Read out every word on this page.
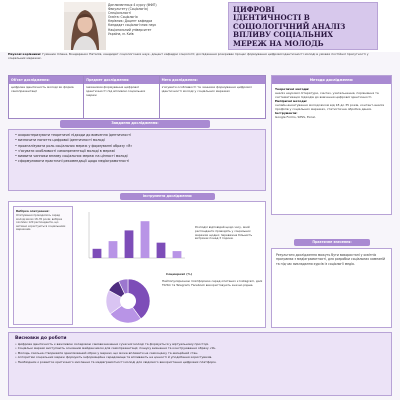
Дипломантиця 4 курсу (ФФП)
Факультету (Соціологія)
Спеціальності
Освіта: Соціологія
Керівник: Доцент кафедри
Кандидат соціологічних наук
Національний університет
Україна, м. Київ
ЦИФРОВІ
ІДЕНТИЧНОСТІ В
СОЦІОЛОГІЧНИЙ АНАЛІЗ
ВПЛИВУ СОЦІАЛЬНИХ
МЕРЕЖ НА МОЛОДЬ
Наукові керівники: Гуменюк Олена, Бондаренко Наталія, кандидат соціологічних наук, доцент кафедри соціології; дослідження розкриває процес формування цифрової ідентичності молоді в умовах постійної присутності у соціальних мережах.
Об'єкт дослідження:
цифрова ідентичність молоді як форма самопрезентації
Предмет дослідження:
механізми формування цифрової ідентичності під впливом соціальних мереж
Мета дослідження:
з'ясувати особливості та чинники формування цифрової ідентичності молоді у соціальних мережах
Методи дослідження:
Теоретичні методи:
аналіз наукової літератури, синтез, узагальнення, порівняння та систематизація підходів до вивчення цифрової ідентичності.
Емпіричні методи:
онлайн-анкетування молоді віком від 18 до 35 років, контент-аналіз профілів у соціальних мережах, статистична обробка даних.
Інструменти:
Google Forms, SPSS, Excel.
Завдання дослідження:
• охарактеризувати теоретичні підходи до вивчення ідентичності
• визначити поняття цифрової ідентичності молоді
• проаналізувати роль соціальних мереж у формуванні образу «Я»
• з'ясувати особливості самопрезентації молоді в мережі
• виявити чинники впливу соціальних мереж на цінності молоді
• сформулювати практичні рекомендації щодо медіаграмотності
Інструменти дослідження:
Вибірка опитування:
Опитування проводилось серед молоді віком 18–35 років; вибірка охоплює 120 респондентів, що активно користуються соціальними мережами.
Розподіл відповідей щодо часу, який респонденти проводять у соціальних мережах щодня; переважна більшість витрачає понад 3 години.
Соцмережі (%)
Найпопулярнішою платформою серед опитаних є Instagram, далі TikTok та Telegram; Facebook використовують значно рідше.
Практичне значення:
Результати дослідження можуть бути використані у освітніх програмах з медіаграмотності, для розробки соціальних кампаній та під час викладання курсів із соціології медіа.
Висновки до роботи
• Цифрова ідентичність є важливою складовою самовизначення сучасної молоді та формується у віртуальному просторі.
• Соціальні мережі виступають основним майданчиком для самопрезентації, пошуку визнання та конструювання образу «Я».
• Молодь схильна створювати ідеалізований образ у мережі, що може впливати на самооцінку та емоційний стан.
• Алгоритми соціальних мереж формують інформаційне середовище та впливають на цінності й уподобання користувачів.
• Необхідним є розвиток критичного мислення та медіаграмотності молоді для свідомого використання цифрових платформ.
